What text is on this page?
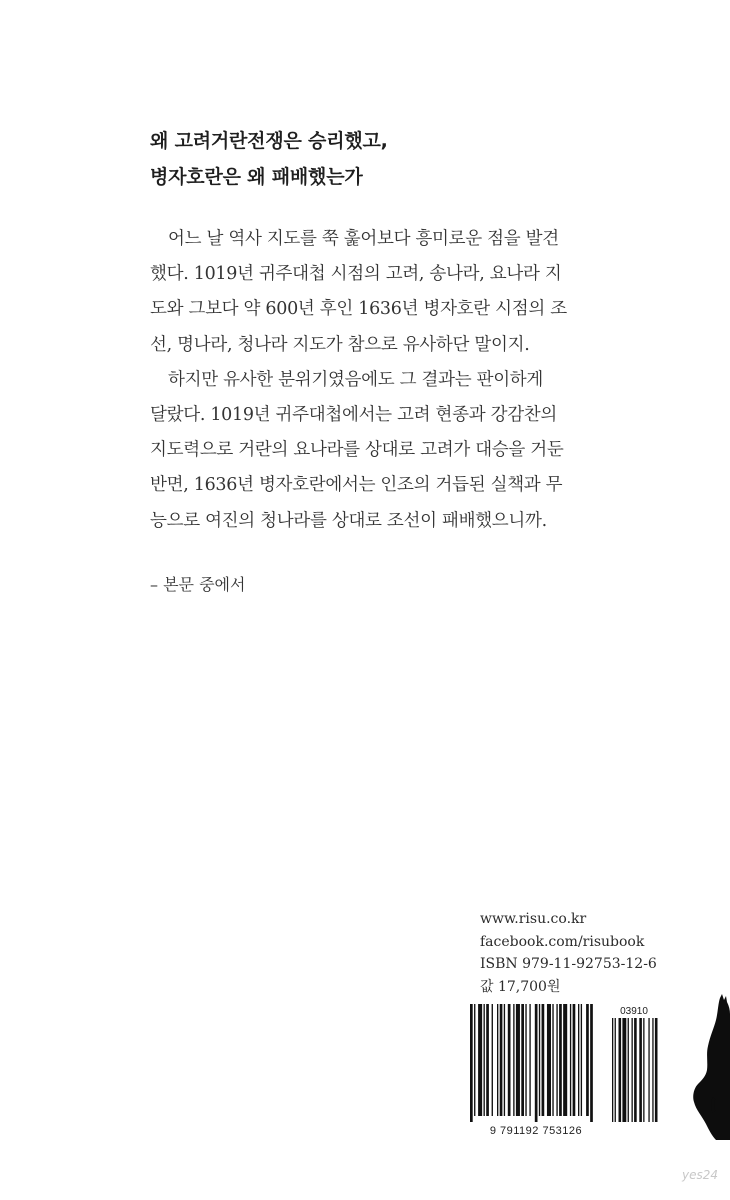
왜 고려거란전쟁은 승리했고,
병자호란은 왜 패배했는가
어느 날 역사 지도를 쭉 훑어보다 흥미로운 점을 발견
했다. 1019년 귀주대첩 시점의 고려, 송나라, 요나라 지
도와 그보다 약 600년 후인 1636년 병자호란 시점의 조
선, 명나라, 청나라 지도가 참으로 유사하단 말이지.
하지만 유사한 분위기였음에도 그 결과는 판이하게
달랐다. 1019년 귀주대첩에서는 고려 현종과 강감찬의
지도력으로 거란의 요나라를 상대로 고려가 대승을 거둔
반면, 1636년 병자호란에서는 인조의 거듭된 실책과 무
능으로 여진의 청나라를 상대로 조선이 패배했으니까.
– 본문 중에서
www.risu.co.kr
facebook.com/risubook
ISBN 979-11-92753-12-6
값 17,700원
03910
9 791192 753126
yes24
